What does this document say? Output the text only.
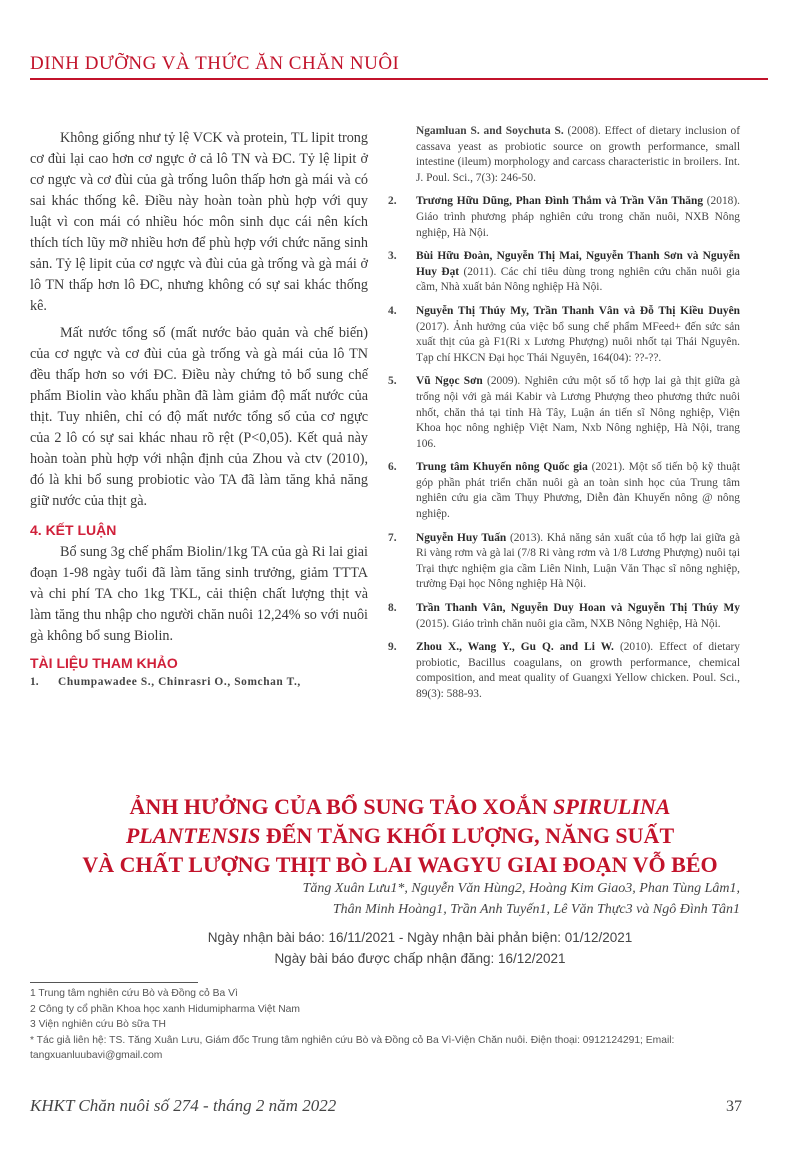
DINH DƯỠNG VÀ THỨC ĂN CHĂN NUÔI

Không giống như tỷ lệ VCK và protein, TL lipit trong cơ đùi lại cao hơn cơ ngực ở cả lô TN và ĐC. Tỷ lệ lipit ở cơ ngực và cơ đùi của gà trống luôn thấp hơn gà mái và có sai khác thống kê. Điều này hoàn toàn phù hợp với quy luật vì con mái có nhiều hóc môn sinh dục cái nên kích thích tích lũy mỡ nhiều hơn để phù hợp với chức năng sinh sản. Tỷ lệ lipit của cơ ngực và đùi của gà trống và gà mái ở lô TN thấp hơn lô ĐC, nhưng không có sự sai khác thống kê.

Mất nước tổng số (mất nước bảo quản và chế biến) của cơ ngực và cơ đùi của gà trống và gà mái của lô TN đều thấp hơn so với ĐC. Điều này chứng tỏ bổ sung chế phẩm Biolin vào khẩu phần đã làm giảm độ mất nước của thịt. Tuy nhiên, chỉ có độ mất nước tổng số của cơ ngực của 2 lô có sự sai khác nhau rõ rệt (P<0,05). Kết quả này hoàn toàn phù hợp với nhận định của Zhou và ctv (2010), đó là khi bổ sung probiotic vào TA đã làm tăng khả năng giữ nước của thịt gà.

4. KẾT LUẬN

Bổ sung 3g chế phẩm Biolin/1kg TA của gà Ri lai giai đoạn 1-98 ngày tuổi đã làm tăng sinh trưởng, giảm TTTA và chi phí TA cho 1kg TKL, cải thiện chất lượng thịt và làm tăng thu nhập cho người chăn nuôi 12,24% so với nuôi gà không bổ sung Biolin.

TÀI LIỆU THAM KHẢO
1.	Chumpawadee S., Chinrasri O., Somchan T.,
Ngamluan S. and Soychuta S. (2008). Effect of dietary inclusion of cassava yeast as probiotic source on growth performance, small intestine (ileum) morphology and carcass characteristic in broilers. Int. J. Poul. Sci., 7(3): 246-50.
2.	Trương Hữu Dũng, Phan Đình Thắm và Trần Văn Thăng (2018). Giáo trình phương pháp nghiên cứu trong chăn nuôi, NXB Nông nghiệp, Hà Nội.
3.	Bùi Hữu Đoàn, Nguyễn Thị Mai, Nguyễn Thanh Sơn và Nguyễn Huy Đạt (2011). Các chỉ tiêu dùng trong nghiên cứu chăn nuôi gia cầm, Nhà xuất bản Nông nghiệp Hà Nội.
4.	Nguyễn Thị Thúy My, Trần Thanh Vân và Đỗ Thị Kiều Duyên (2017). Ảnh hưởng của việc bổ sung chế phẩm MFeed+ đến sức sản xuất thịt của gà F1(Ri x Lương Phượng) nuôi nhốt tại Thái Nguyên. Tạp chí HKCN Đại học Thái Nguyên, 164(04): ??-??.
5.	Vũ Ngọc Sơn (2009). Nghiên cứu một số tổ hợp lai gà thịt giữa gà trống nội với gà mái Kabir và Lương Phượng theo phương thức nuôi nhốt, chăn thả tại tỉnh Hà Tây, Luận án tiến sĩ Nông nghiệp, Viện Khoa học nông nghiệp Việt Nam, Nxb Nông nghiệp, Hà Nội, trang 106.
6.	Trung tâm Khuyến nông Quốc gia (2021). Một số tiến bộ kỹ thuật góp phần phát triển chăn nuôi gà an toàn sinh học của Trung tâm nghiên cứu gia cầm Thụy Phương, Diễn đàn Khuyến nông @ nông nghiệp.
7.	Nguyễn Huy Tuấn (2013). Khả năng sản xuất của tổ hợp lai giữa gà Ri vàng rơm và gà lai (7/8 Ri vàng rơm và 1/8 Lương Phượng) nuôi tại Trại thực nghiệm gia cầm Liên Ninh, Luận Văn Thạc sĩ nông nghiệp, trường Đại học Nông nghiệp Hà Nội.
8.	Trần Thanh Vân, Nguyễn Duy Hoan và Nguyễn Thị Thúy My (2015). Giáo trình chăn nuôi gia cầm, NXB Nông Nghiệp, Hà Nội.
9.	Zhou X., Wang Y., Gu Q. and Li W. (2010). Effect of dietary probiotic, Bacillus coagulans, on growth performance, chemical composition, and meat quality of Guangxi Yellow chicken. Poul. Sci., 89(3): 588-93.
ẢNH HƯỞNG CỦA BỔ SUNG TẢO XOẮN SPIRULINA
PLANTENSIS ĐẾN TĂNG KHỐI LƯỢNG, NĂNG SUẤT
VÀ CHẤT LƯỢNG THỊT BÒ LAI WAGYU GIAI ĐOẠN VỖ BÉO
Tăng Xuân Lưu1*, Nguyễn Văn Hùng2, Hoàng Kim Giao3, Phan Tùng Lâm1,
Thân Minh Hoàng1, Trần Anh Tuyến1, Lê Văn Thực3 và Ngô Đình Tân1
Ngày nhận bài báo: 16/11/2021 - Ngày nhận bài phản biện: 01/12/2021
Ngày bài báo được chấp nhận đăng: 16/12/2021
1 Trung tâm nghiên cứu Bò và Đồng cỏ Ba Vì
2 Công ty cổ phần Khoa học xanh Hidumipharma Việt Nam
3 Viện nghiên cứu Bò sữa TH
* Tác giả liên hệ: TS. Tăng Xuân Lưu, Giám đốc Trung tâm nghiên cứu Bò và Đồng cỏ Ba Vì-Viện Chăn nuôi. Điện thoại: 0912124291; Email: tangxuanluubavi@gmail.com
KHKT Chăn nuôi số 274 - tháng 2 năm 2022	37
